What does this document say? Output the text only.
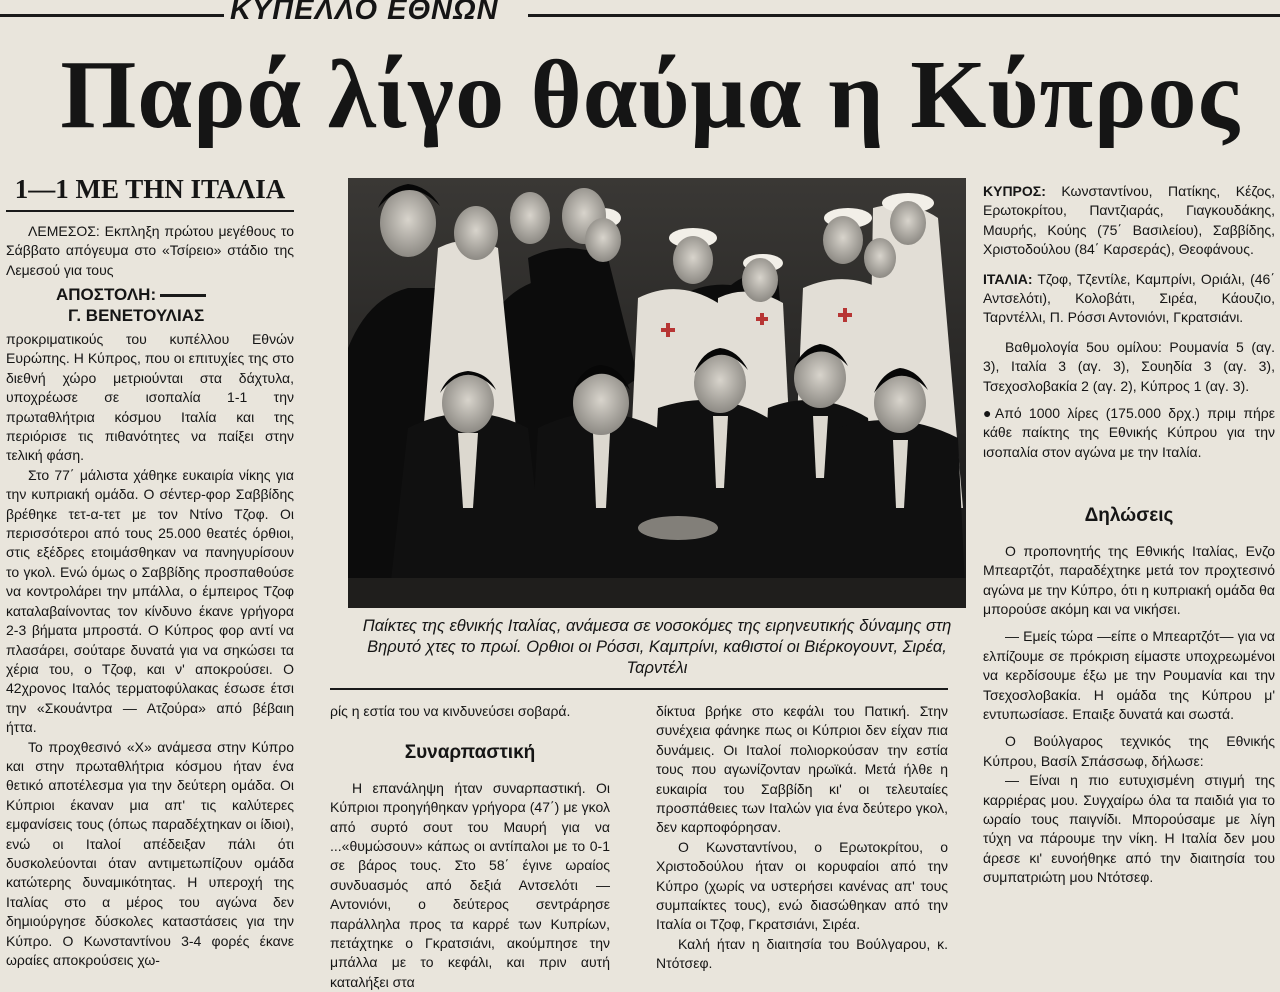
ΚΥΠΕΛΛΟ ΕΘΝΩΝ
Παρά λίγο θαύμα η Κύπρος
1—1 ΜΕ ΤΗΝ ΙΤΑΛΙΑ

ΛΕΜΕΣΟΣ: Εκπληξη πρώτου μεγέθους το Σάββατο απόγευμα στο «Τσίρειο» στάδιο της Λεμεσού για τους

ΑΠΟΣΤΟΛΗ:
Γ. ΒΕΝΕΤΟΥΛΙΑΣ

προκριματικούς του κυπέλλου Εθνών Ευρώπης. Η Κύπρος, που οι επιτυχίες της στο διεθνή χώρο μετριούνται στα δάχτυλα, υποχρέωσε σε ισοπαλία 1-1 την πρωταθλήτρια κόσμου Ιταλία και της περιόρισε τις πιθανότητες να παίξει στην τελική φάση.

Στο 77΄ μάλιστα χάθηκε ευκαιρία νίκης για την κυπριακή ομάδα. Ο σέντερ-φορ Σαββίδης βρέθηκε τετ-α-τετ με τον Ντίνο Τζοφ. Οι περισσότεροι από τους 25.000 θεατές όρθιοι, στις εξέδρες ετοιμάσθηκαν να πανηγυρίσουν το γκολ. Ενώ όμως ο Σαββίδης προσπαθούσε να κοντρολάρει την μπάλλα, ο έμπειρος Τζοφ καταλαβαίνοντας τον κίνδυνο έκανε γρήγορα 2-3 βήματα μπροστά. Ο Κύπρος φορ αντί να πλασάρει, σούταρε δυνατά για να σηκώσει τα χέρια του, ο Τζοφ, και ν' αποκρούσει. Ο 42χρονος Ιταλός τερματοφύλακας έσωσε έτσι την «Σκουάντρα — Ατζούρα» από βέβαιη ήττα.

Το προχθεσινό «Χ» ανάμεσα στην Κύπρο και στην πρωταθλήτρια κόσμου ήταν ένα θετικό αποτέλεσμα για την δεύτερη ομάδα. Οι Κύπριοι έκαναν μια απ' τις καλύτερες εμφανίσεις τους (όπως παραδέχτηκαν οι ίδιοι), ενώ οι Ιταλοί απέδειξαν πάλι ότι δυσκολεύονται όταν αντιμετωπίζουν ομάδα κατώτερης δυναμικότητας. Η υπεροχή της Ιταλίας στο α μέρος του αγώνα δεν δημιούργησε δύσκολες καταστάσεις για την Κύπρο. Ο Κωνσταντίνου 3-4 φορές έκανε ωραίες αποκρούσεις χω-

Παίκτες της εθνικής Ιταλίας, ανάμεσα σε νοσοκόμες της ειρηνευτικής δύναμης στη Βηρυτό χτες το πρωί. Ορθιοι οι Ρόσσι, Καμπρίνι, καθιστοί οι Βιέρκογουντ, Σιρέα, Ταρντέλι

ρίς η εστία του να κινδυνεύσει σοβαρά.

Συναρπαστική

Η επανάληψη ήταν συναρπαστική. Οι Κύπριοι προηγήθηκαν γρήγορα (47΄) με γκολ από συρτό σουτ του Μαυρή για να ...«θυμώσουν» κάπως οι αντίπαλοι με το 0-1 σε βάρος τους. Στο 58΄ έγινε ωραίος συνδυασμός από δεξιά Αντσελότι — Αντονιόνι, ο δεύτερος σεντράρησε παράλληλα προς τα καρρέ των Κυπρίων, πετάχτηκε ο Γκρατσιάνι, ακούμπησε την μπάλλα με το κεφάλι, και πριν αυτή καταλήξει στα

δίκτυα βρήκε στο κεφάλι του Πατική. Στην συνέχεια φάνηκε πως οι Κύπριοι δεν είχαν πια δυνάμεις. Οι Ιταλοί πολιορκούσαν την εστία τους που αγωνίζονταν ηρωϊκά. Μετά ήλθε η ευκαιρία του Σαββίδη κι' οι τελευταίες προσπάθειες των Ιταλών για ένα δεύτερο γκολ, δεν καρποφόρησαν.

Ο Κωνσταντίνου, ο Ερωτοκρίτου, ο Χριστοδούλου ήταν οι κορυφαίοι από την Κύπρο (χωρίς να υστερήσει κανένας απ' τους συμπαίκτες τους), ενώ διασώθηκαν από την Ιταλία οι Τζοφ, Γκρατσιάνι, Σιρέα.

Καλή ήταν η διαιτησία του Βούλγαρου, κ. Ντότσεφ.

ΚΥΠΡΟΣ: Κωνσταντίνου, Πατίκης, Κέζος, Ερωτοκρίτου, Παντζιαράς, Γιαγκουδάκης, Μαυρής, Κούης (75΄ Βασιλείου), Σαββίδης, Χριστοδούλου (84΄ Καρσεράς), Θεοφάνους.

ΙΤΑΛΙΑ: Τζοφ, Τζεντίλε, Καμπρίνι, Οριάλι, (46΄ Αντσελότι), Κολοβάτι, Σιρέα, Κάουζιο, Ταρντέλλι, Π. Ρόσσι Αντονιόνι, Γκρατσιάνι.

Βαθμολογία 5ου ομίλου: Ρουμανία 5 (αγ. 3), Ιταλία 3 (αγ. 3), Σουηδία 3 (αγ. 3), Τσεχοσλοβακία 2 (αγ. 2), Κύπρος 1 (αγ. 3).

●Από 1000 λίρες (175.000 δρχ.) πριμ πήρε κάθε παίκτης της Εθνικής Κύπρου για την ισοπαλία στον αγώνα με την Ιταλία.

Δηλώσεις

Ο προπονητής της Εθνικής Ιταλίας, Ενζο Μπεαρτζότ, παραδέχτηκε μετά τον προχτεσινό αγώνα με την Κύπρο, ότι η κυπριακή ομάδα θα μπορούσε ακόμη και να νικήσει.

— Εμείς τώρα —είπε ο Μπεαρτζότ— για να ελπίζουμε σε πρόκριση είμαστε υποχρεωμένοι να κερδίσουμε έξω με την Ρουμανία και την Τσεχοσλοβακία. Η ομάδα της Κύπρου μ' εντυπωσίασε. Επαιξε δυνατά και σωστά.

Ο Βούλγαρος τεχνικός της Εθνικής Κύπρου, Βασίλ Σπάσσωφ, δήλωσε:

— Είναι η πιο ευτυχισμένη στιγμή της καρριέρας μου. Συγχαίρω όλα τα παιδιά για το ωραίο τους παιγνίδι. Μπορούσαμε με λίγη τύχη να πάρουμε την νίκη. Η Ιταλία δεν μου άρεσε κι' ευνοήθηκε από την διαιτησία του συμπατριώτη μου Ντότσεφ.
